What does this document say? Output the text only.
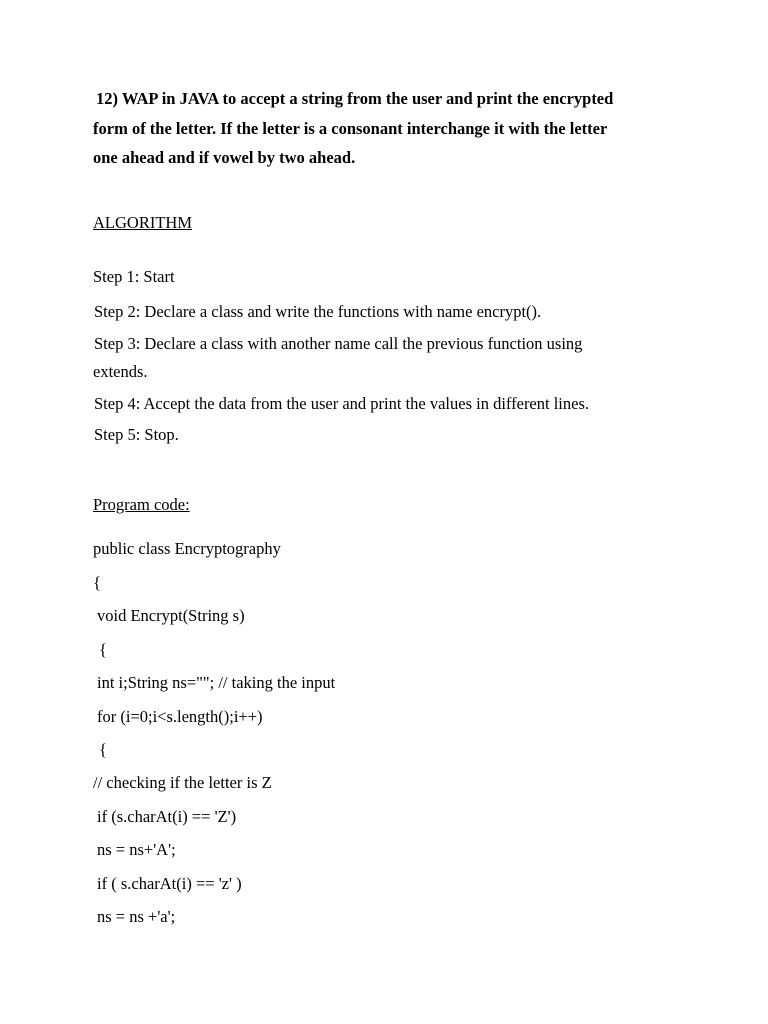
12) WAP in JAVA to accept a string from the user and print the encrypted
form of the letter. If the letter is a consonant interchange it with the letter
one ahead and if vowel by two ahead.
ALGORITHM
Step 1: Start
Step 2: Declare a class and write the functions with name encrypt().
Step 3: Declare a class with another name call the previous function using
extends.
Step 4: Accept the data from the user and print the values in different lines.
Step 5: Stop.
Program code:
public class Encryptography
{
void Encrypt(String s)
{
int i;String ns=""; // taking the input
for (i=0;i<s.length();i++)
{
// checking if the letter is Z
if (s.charAt(i) == 'Z')
ns = ns+'A';
if ( s.charAt(i) == 'z' )
ns = ns +'a';
